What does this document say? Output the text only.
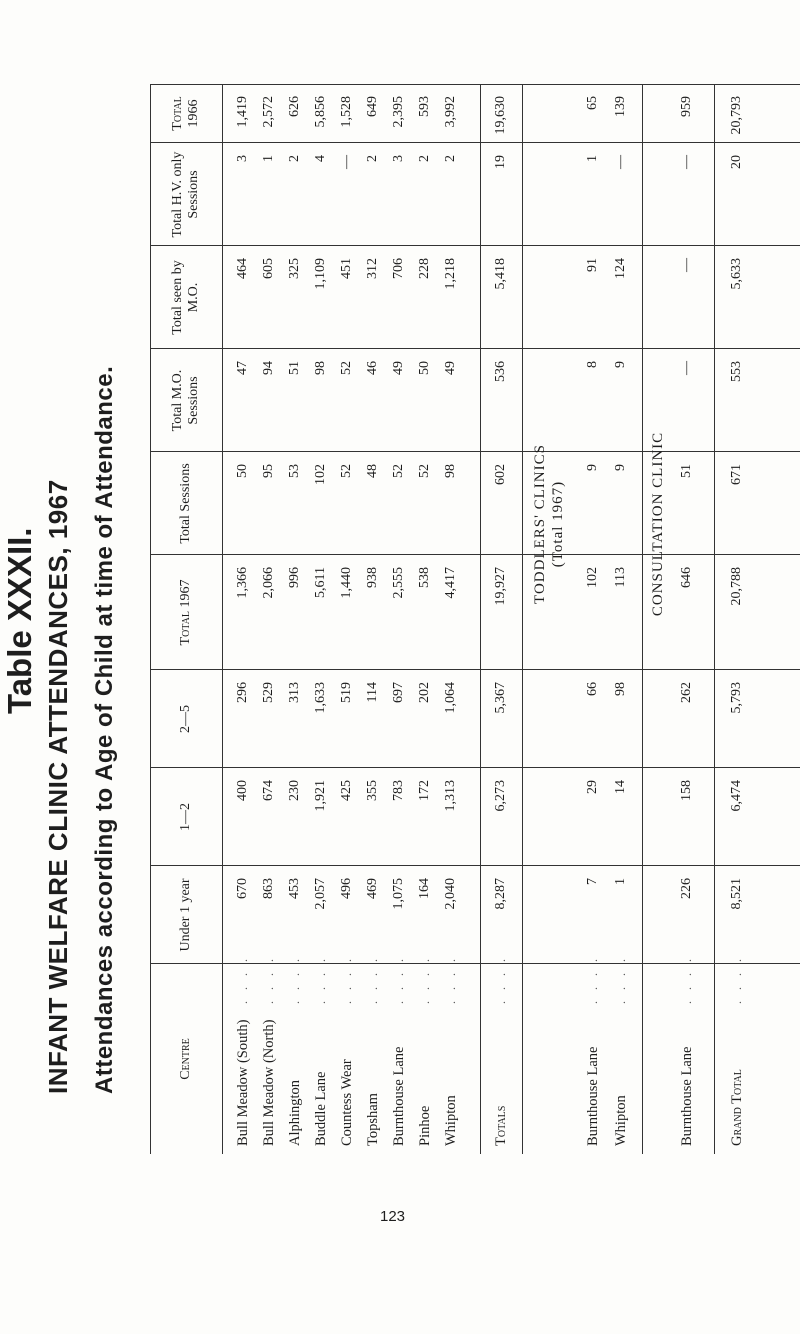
Table XXXII. INFANT WELFARE CLINIC ATTENDANCES, 1967 Attendances according to Age of Child at time of Attendance.	Centre
Under 1 year
1—2
2—5
Total 1967
Total Sessions
Total M.O. Sessions
Total seen by M.O.
Total H.V. only Sessions
Total 1966
Bull Meadow (South)
. . . .
670
400
296
1,366
50
47
464
3
1,419
Bull Meadow (North)
. . . .
863
674
529
2,066
95
94
605
1
2,572
Alphington
. . . .
453
230
313
996
53
51
325
2
626
Buddle Lane
. . . .
2,057
1,921
1,633
5,611
102
98
1,109
4
5,856
Countess Wear
. . . .
496
425
519
1,440
52
52
451
—
1,528
Topsham
. . . .
469
355
114
938
48
46
312
2
649
Burnthouse Lane
. . . .
1,075
783
697
2,555
52
49
706
3
2,395
Pinhoe
. . . .
164
172
202
538
52
50
228
2
593
Whipton
. . . .
2,040
1,313
1,064
4,417
98
49
1,218
2
3,992
Totals
. . . .
8,287
6,273
5,367
19,927
602
536
5,418
19
19,630
TODDLERS' CLINICS (Total 1967)
Burnthouse Lane
. . . .
7
29
66
102
9
8
91
1
65
Whipton
. . . .
1
14
98
113
9
9
124
—
139
CONSULTATION CLINIC
Burnthouse Lane
. . . .
226
158
262
646
51
—
—
—
959
Grand Total
. . . .
8,521
6,474
5,793
20,788
671
553
5,633
20
20,793
123
